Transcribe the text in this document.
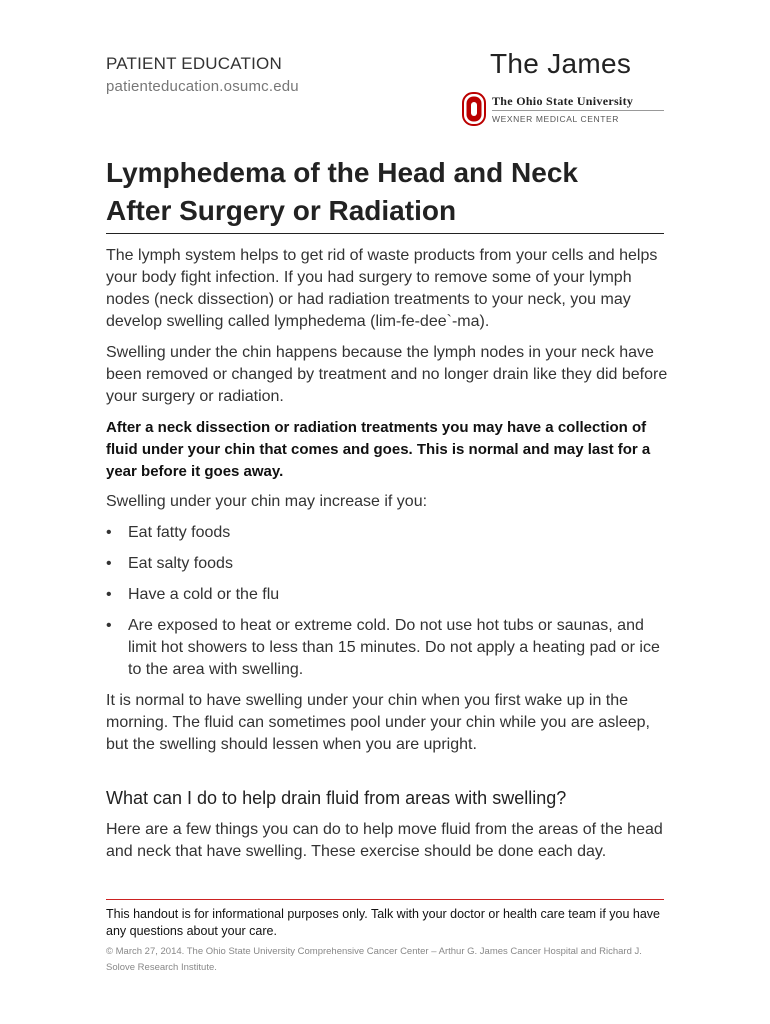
PATIENT EDUCATION
patienteducation.osumc.edu
The James
The Ohio State University
WEXNER MEDICAL CENTER
Lymphedema of the Head and Neck
After Surgery or Radiation

The lymph system helps to get rid of waste products from your cells and helps your body fight infection. If you had surgery to remove some of your lymph nodes (neck dissection) or had radiation treatments to your neck, you may develop swelling called lymphedema (lim-fe-dee`-ma).

Swelling under the chin happens because the lymph nodes in your neck have been removed or changed by treatment and no longer drain like they did before your surgery or radiation.

After a neck dissection or radiation treatments you may have a collection of fluid under your chin that comes and goes. This is normal and may last for a year before it goes away.

Swelling under your chin may increase if you:

• Eat fatty foods
• Eat salty foods
• Have a cold or the flu
• Are exposed to heat or extreme cold. Do not use hot tubs or saunas, and limit hot showers to less than 15 minutes. Do not apply a heating pad or ice to the area with swelling.

It is normal to have swelling under your chin when you first wake up in the morning. The fluid can sometimes pool under your chin while you are asleep, but the swelling should lessen when you are upright.

What can I do to help drain fluid from areas with swelling?

Here are a few things you can do to help move fluid from the areas of the head and neck that have swelling. These exercise should be done each day.

This handout is for informational purposes only. Talk with your doctor or health care team if you have any questions about your care.

© March 27, 2014. The Ohio State University Comprehensive Cancer Center – Arthur G. James Cancer Hospital and Richard J. Solove Research Institute.
